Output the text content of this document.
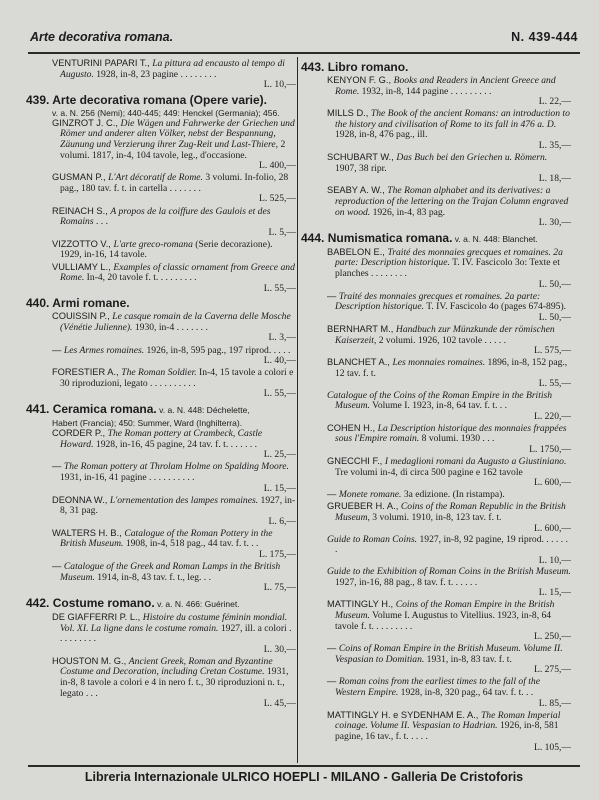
Arte decorativa romana.	N. 439-444
VENTURINI PAPARI T., La pittura ad encausto al tempo di Augusto. 1928, in-8, 23 pagine . . . . . . . .
L. 10,—
439. Arte decorativa romana (Opere varie).
v. a. N. 256 (Nemi); 440-445; 449: Henckel (Germania); 456.
GINZROT J. C., Die Wägen und Fahrwerke der Griechen und Römer und anderer alten Völker, nebst der Bespannung, Zäunung und Verzierung ihrer Zug-Reit und Last-Thiere, 2 volumi. 1817, in-4, 104 tavole, leg., d'occasione.
L. 400,—
GUSMAN P., L'Art décoratif de Rome. 3 volumi. In-folio, 28 pag., 180 tav. f. t. in cartella . . . . . . .
L. 525,—
REINACH S., A propos de la coiffure des Gaulois et des Romains . . .
L. 5,—
VIZZOTTO V., L'arte greco-romana (Serie decorazione). 1929, in-16, 14 tavole.
VULLIAMY L., Examples of classic ornament from Greece and Rome. In-4, 20 tavole f. t. . . . . . . . .
L. 55,—
440. Armi romane.
COUISSIN P., Le casque romain de la Caverna delle Mosche (Vénétie Julienne). 1930, in-4 . . . . . . .
L. 3,—
— Les Armes romaines. 1926, in-8, 595 pag., 197 riprod. . . . .
L. 40,—
FORESTIER A., The Roman Soldier. In-4, 15 tavole a colori e 30 riproduzioni, legato . . . . . . . . . .
L. 55,—
441. Ceramica romana. v. a. N. 448: Déchelette,
Habert (Francia); 450: Summer, Ward (Inghilterra).
CORDER P., The Roman pottery at Crambeck, Castle Howard. 1928, in-16, 45 pagine, 24 tav. f. t. . . . . . .
L. 25,—
— The Roman pottery at Throlam Holme on Spalding Moore. 1931, in-16, 41 pagine . . . . . . . . . .
L. 15,—
DEONNA W., L'ornementation des lampes romaines. 1927, in-8, 31 pag.
L. 6,—
WALTERS H. B., Catalogue of the Roman Pottery in the British Museum. 1908, in-4, 518 pag., 44 tav. f. t. . .
L. 175,—
— Catalogue of the Greek and Roman Lamps in the British Museum. 1914, in-8, 43 tav. f. t., leg. . .
L. 75,—
442. Costume romano. v. a. N. 466: Guérinet.
DE GIAFFERRI P. L., Histoire du costume féminin mondial. Vol. XI. La ligne dans le costume romain. 1927, ill. a colori . . . . . . . . .
L. 30,—
HOUSTON M. G., Ancient Greek, Roman and Byzantine Costume and Decoration, including Cretan Costume. 1931, in-8, 8 tavole a colori e 4 in nero f. t., 30 riproduzioni n. t., legato . . .
L. 45,—
443. Libro romano.
KENYON F. G., Books and Readers in Ancient Greece and Rome. 1932, in-8, 144 pagine . . . . . . . . .
L. 22,—
MILLS D., The Book of the ancient Romans: an introduction to the history and civilisation of Rome to its fall in 476 a. D. 1928, in-8, 476 pag., ill.
L. 35,—
SCHUBART W., Das Buch bei den Griechen u. Römern. 1907, 38 ripr.
L. 18,—
SEABY A. W., The Roman alphabet and its derivatives: a reproduction of the lettering on the Trajan Column engraved on wood. 1926, in-4, 83 pag.
L. 30,—
444. Numismatica romana. v. a. N. 448: Blanchet.
BABELON E., Traité des monnaies grecques et romaines. 2a parte: Description historique. T. IV. Fascicolo 3o: Texte et planches . . . . . . . .
L. 50,—
— Traité des monnaies grecques et romaines. 2a parte: Description historique. T. IV. Fascicolo 4o (pages 674-895).
L. 50,—
BERNHART M., Handbuch zur Münzkunde der römischen Kaiserzeit, 2 volumi. 1926, 102 tavole . . . . .
L. 575,—
BLANCHET A., Les monnaies romaines. 1896, in-8, 152 pag., 12 tav. f. t.
L. 55,—
Catalogue of the Coins of the Roman Empire in the British Museum. Volume I. 1923, in-8, 64 tav. f. t. . .
L. 220,—
COHEN H., La Description historique des monnaies frappées sous l'Empire romain. 8 volumi. 1930 . . .
L. 1750,—
GNECCHI F., I medaglioni romani da Augusto a Giustiniano. Tre volumi in-4, di circa 500 pagine e 162 tavole
L. 600,—
— Monete romane. 3a edizione. (In ristampa).
GRUEBER H. A., Coins of the Roman Republic in the British Museum, 3 volumi. 1910, in-8, 123 tav. f. t.
L. 600,—
Guide to Roman Coins. 1927, in-8, 92 pagine, 19 riprod. . . . . . .
L. 10,—
Guide to the Exhibition of Roman Coins in the British Museum. 1927, in-16, 88 pag., 8 tav. f. t. . . . . .
L. 15,—
MATTINGLY H., Coins of the Roman Empire in the British Museum. Volume I. Augustus to Vitellius. 1923, in-8, 64 tavole f. t. . . . . . . . .
L. 250,—
— Coins of Roman Empire in the British Museum. Volume II. Vespasian to Domitian. 1931, in-8, 83 tav. f. t.
L. 275,—
— Roman coins from the earliest times to the fall of the Western Empire. 1928, in-8, 320 pag., 64 tav. f. t. . .
L. 85,—
MATTINGLY H. e SYDENHAM E. A., The Roman Imperial coinage. Volume II. Vespasian to Hadrian. 1926, in-8, 581 pagine, 16 tav., f. t. . . . .
L. 105,—
Libreria Internazionale ULRICO HOEPLI - MILANO - Galleria De Cristoforis
